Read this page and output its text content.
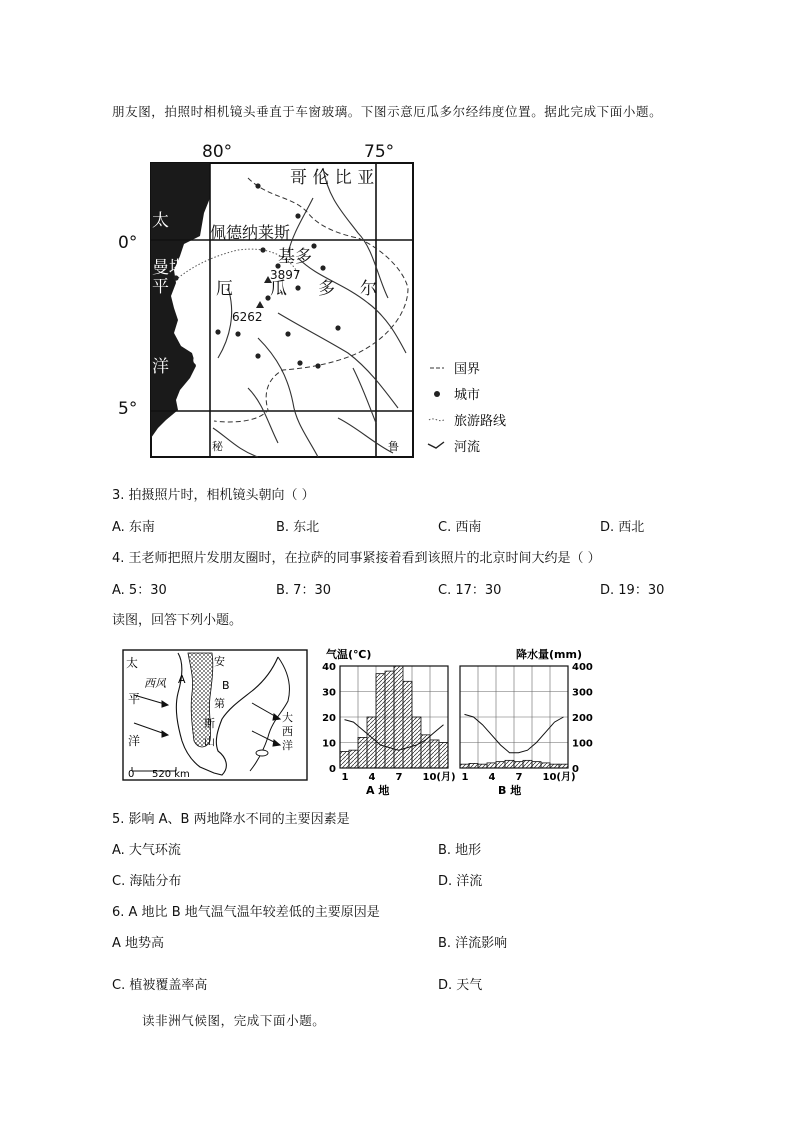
朋友图，拍照时相机镜头垂直于车窗玻璃。下图示意厄瓜多尔经纬度位置。据此完成下面小题。
80°	75°
0°
5°
哥 伦 比 亚
太
曼塔
平
洋
佩德纳莱斯
基多
3897
6262
厄 瓜 多 尔
秘	鲁
国界
城市
旅游路线
河流
3. 拍摄照片时，相机镜头朝向（ ）
A. 东南	B. 东北	C. 西南	D. 西北
4. 王老师把照片发朋友圈时，在拉萨的同事紧接着看到该照片的北京时间大约是（ ）
A. 5：30	B. 7：30	C. 17：30	D. 19：30
读图，回答下列小题。
0 520 km
太
西风
平
洋
A	B
安
第
斯
山
大
西
洋
气温(℃)
A 地
降水量(mm)
B 地
1 4 7 10(月)
0
10
20
30
40
1 4 7 10(月)
0
100
200
300
400
5. 影响 A、B 两地降水不同的主要因素是
A. 大气环流	B. 地形
C. 海陆分布	D. 洋流
6. A 地比 B 地气温气温年较差低的主要原因是
A 地势高	B. 洋流影响
C. 植被覆盖率高	D. 天气
读非洲气候图，完成下面小题。
